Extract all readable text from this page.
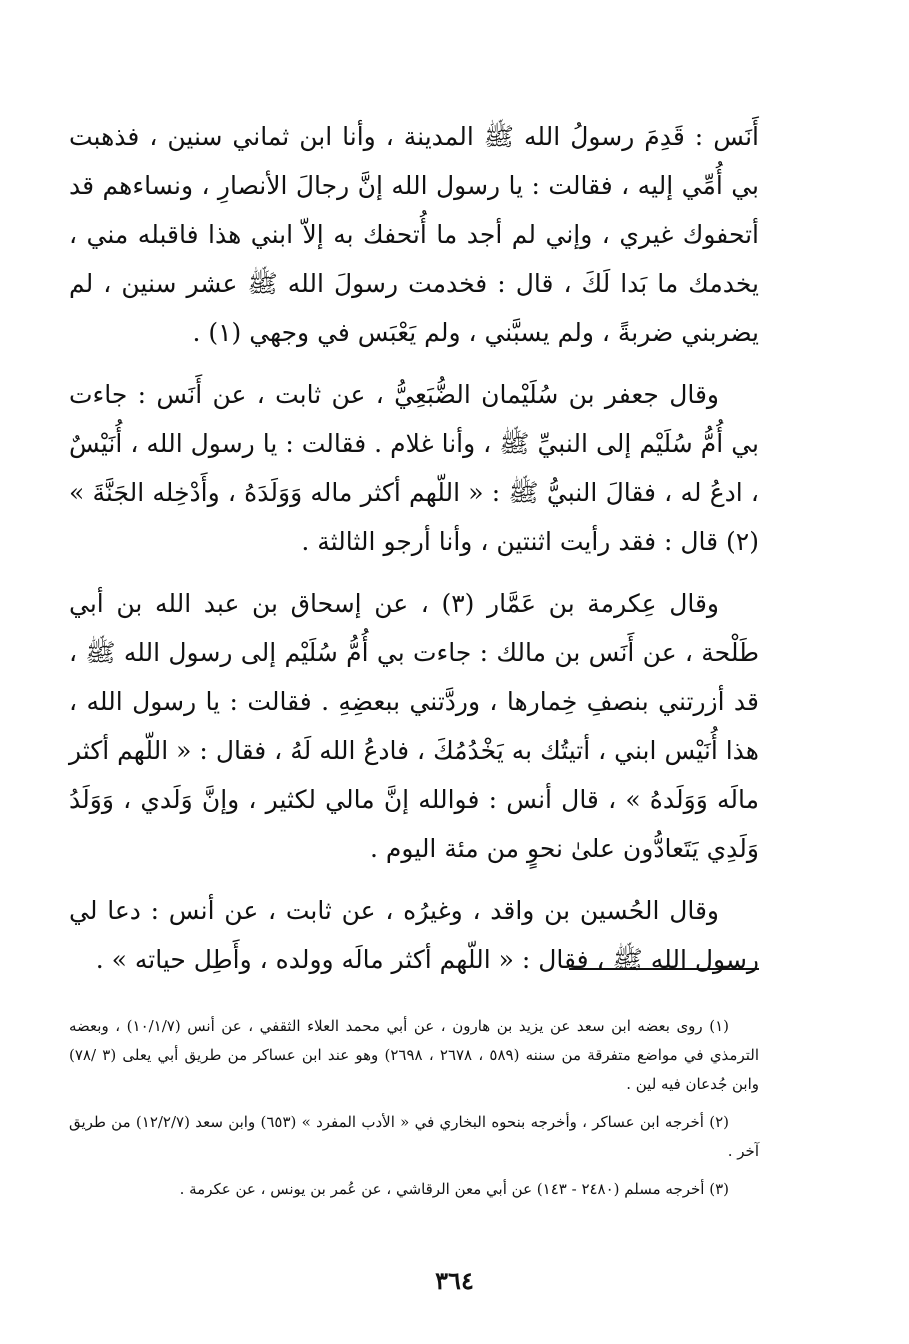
أَنَس : قَدِمَ رسولُ الله ﷺ المدينة ، وأنا ابن ثماني سنين ، فذهبت بي أُمِّي إليه ، فقالت : يا رسول الله إنَّ رجالَ الأنصارِ ، ونساءهم قد أتحفوك غيري ، وإني لم أجد ما أُتحفك به إلاّ ابني هذا فاقبله مني ، يخدمك ما بَدا لَكَ ، قال : فخدمت رسولَ الله ﷺ عشر سنين ، لم يضربني ضربةً ، ولم يسبَّني ، ولم يَعْبَس في وجهي (١) .

وقال جعفر بن سُلَيْمان الضُّبَعِيُّ ، عن ثابت ، عن أَنَس : جاءت بي أُمُّ سُلَيْم إلى النبيِّ ﷺ ، وأنا غلام . فقالت : يا رسول الله ، أُنَيْسٌ ، ادعُ له ، فقالَ النبيُّ ﷺ : « اللّهم أكثر ماله وَوَلَدَهُ ، وأَدْخِله الجَنَّةَ » (٢) قال : فقد رأيت اثنتين ، وأنا أرجو الثالثة .

وقال عِكرمة بن عَمَّار (٣) ، عن إسحاق بن عبد الله بن أبي طَلْحة ، عن أَنَس بن مالك : جاءت بي أُمُّ سُلَيْم إلى رسول الله ﷺ ، قد أزرتني بنصفِ خِمارها ، وردَّتني ببعضِهِ . فقالت : يا رسول الله ، هذا أُنَيْس ابني ، أتيتُك به يَخْدُمُكَ ، فادعُ الله لَهُ ، فقال : « اللّهم أكثر مالَه وَوَلَدهُ » ، قال أنس : فوالله إنَّ مالي لكثير ، وإنَّ وَلَدي ، وَوَلَدُ وَلَدِي يَتَعادُّون علىٰ نحوٍ من مئة اليوم .

وقال الحُسين بن واقد ، وغيرُه ، عن ثابت ، عن أنس : دعا لي رسول الله ﷺ ، فقال : « اللّهم أكثر مالَه وولده ، وأَطِل حياته » .

(١) روى بعضه ابن سعد عن يزيد بن هارون ، عن أبي محمد العلاء الثقفي ، عن أنس (١٠/١/٧) ، وبعضه الترمذي في مواضع متفرقة من سننه (٥٨٩ ، ٢٦٧٨ ، ٢٦٩٨) وهو عند ابن عساكر من طريق أبي يعلى (٣ /٧٨) وابن جُدعان فيه لين .

(٢) أخرجه ابن عساكر ، وأخرجه بنحوه البخاري في « الأدب المفرد » (٦٥٣) وابن سعد (١٢/٢/٧) من طريق آخر .

(٣) أخرجه مسلم (٢٤٨٠ - ١٤٣) عن أبي معن الرقاشي ، عن عُمر بن يونس ، عن عكرمة .

٣٦٤
